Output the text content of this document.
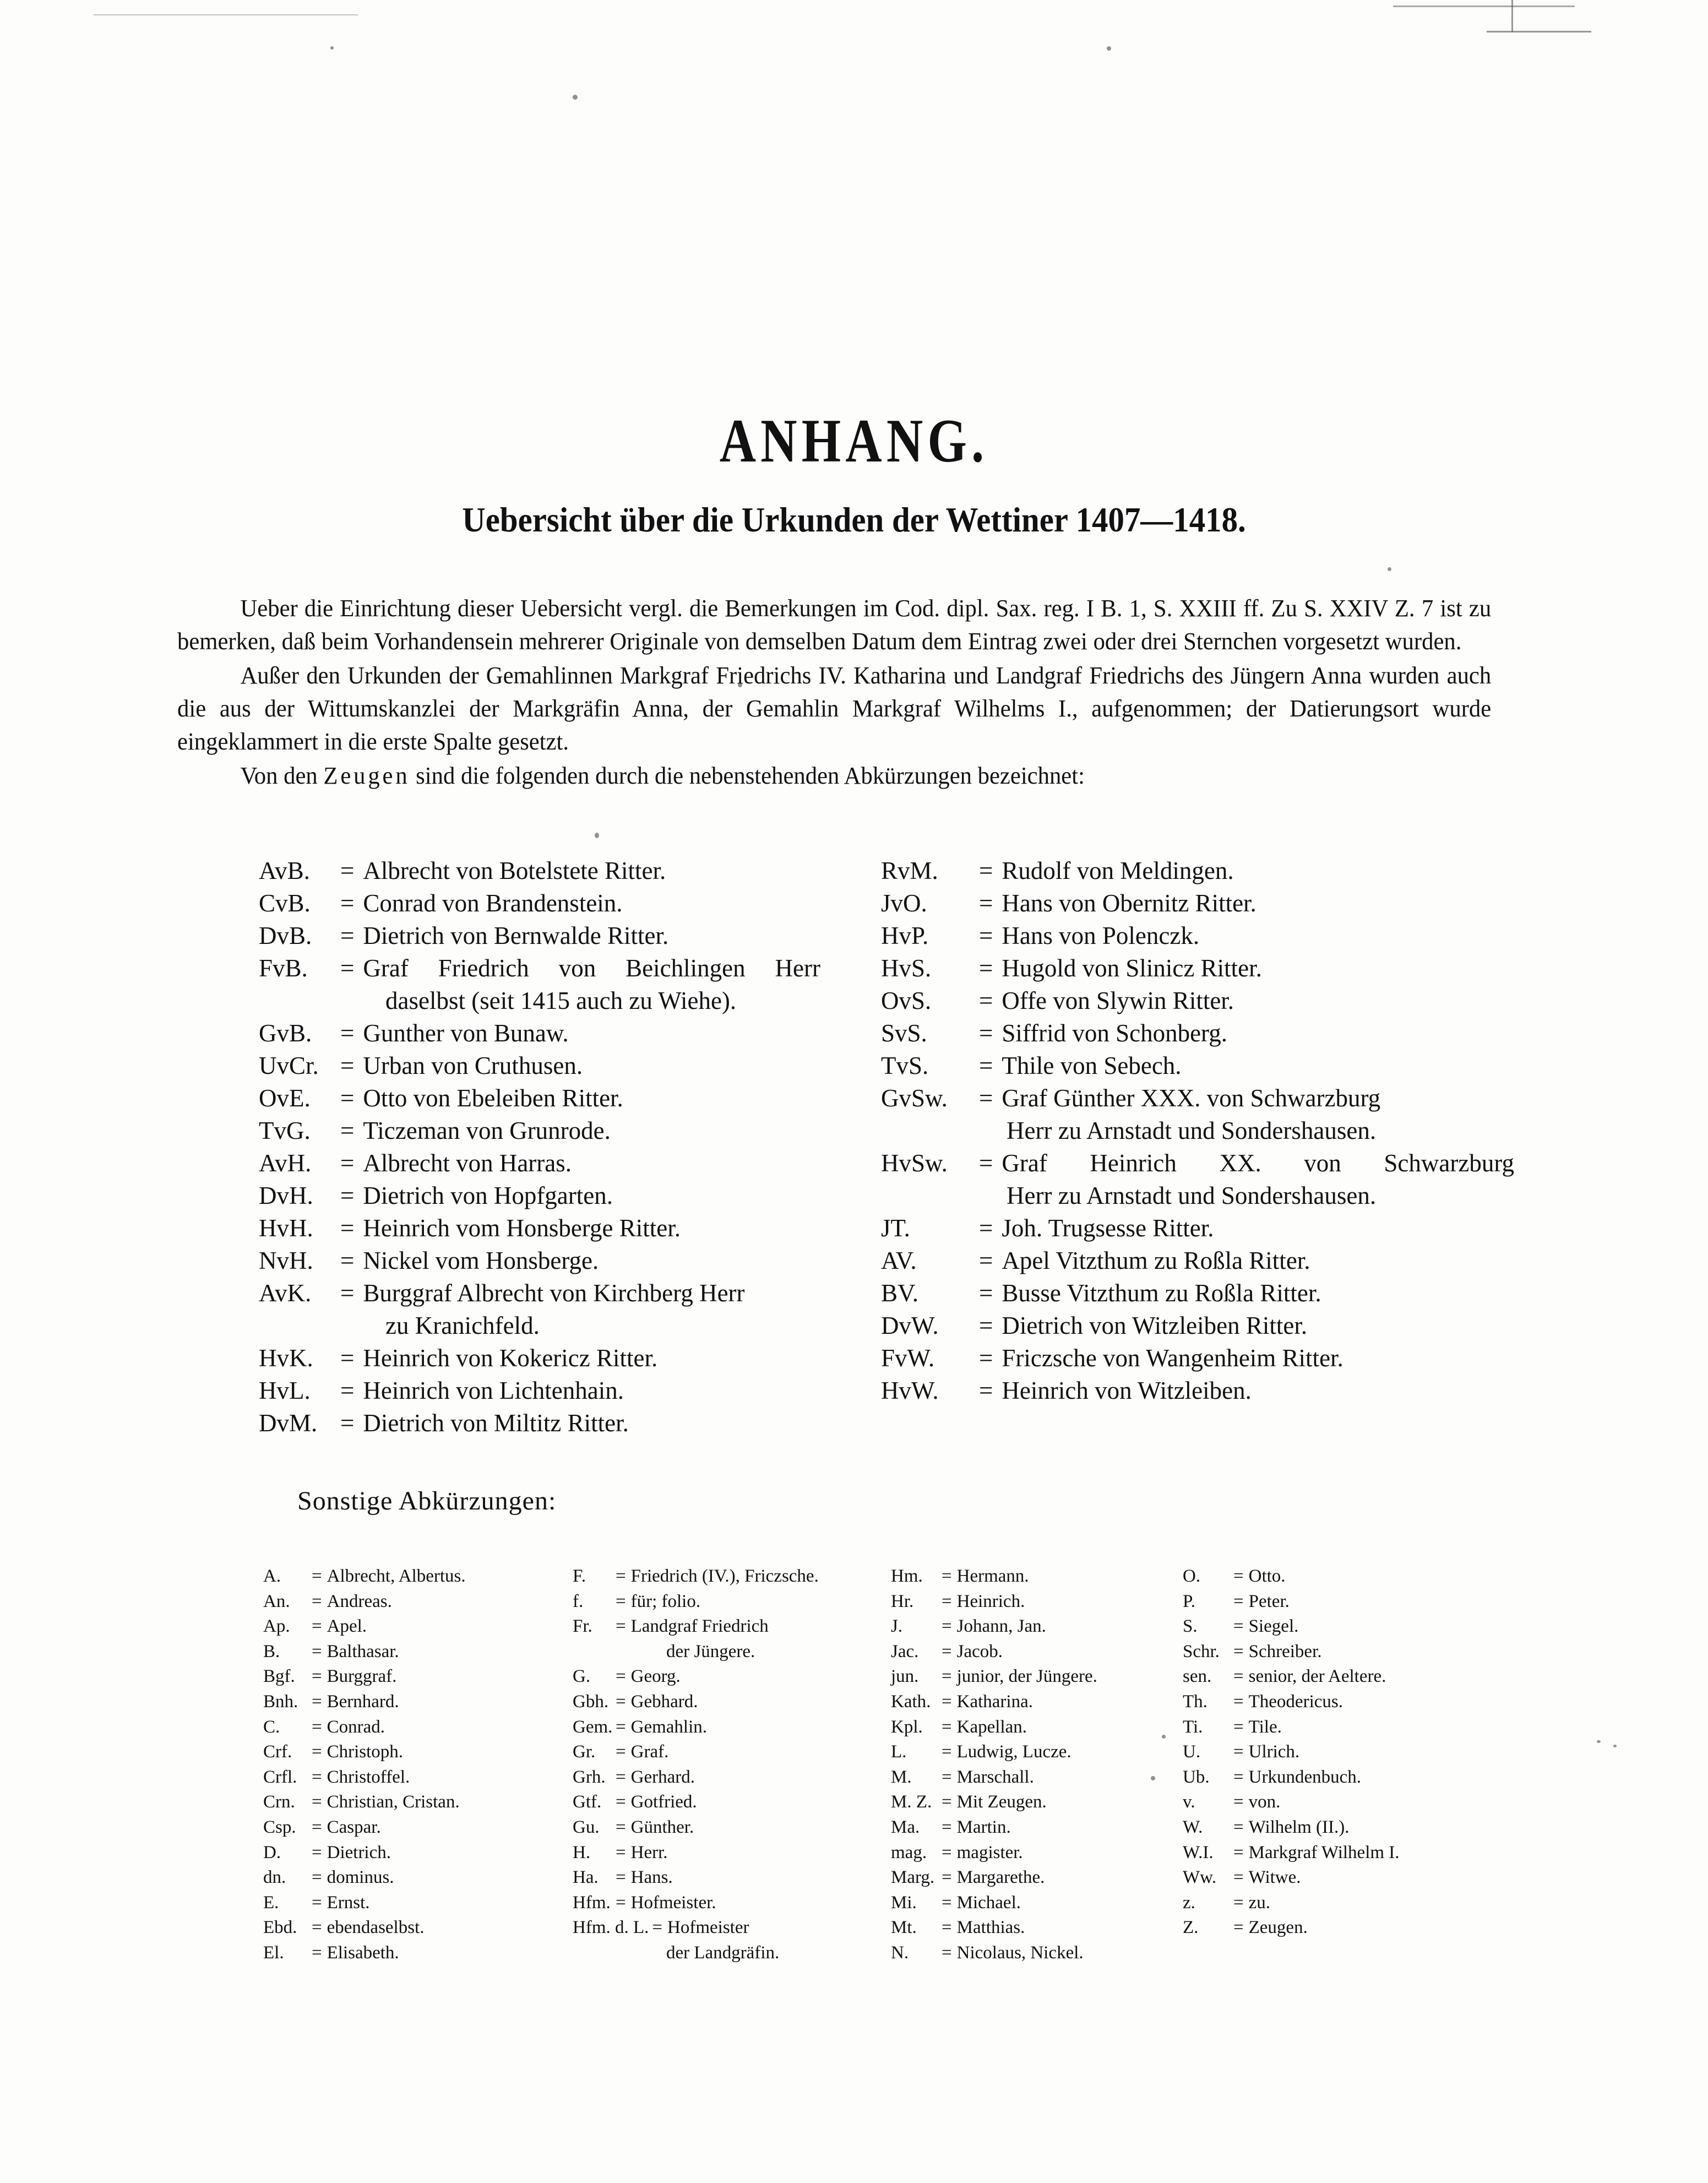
ANHANG.
Uebersicht über die Urkunden der Wettiner 1407—1418.

Ueber die Einrichtung dieser Uebersicht vergl. die Bemerkungen im Cod. dipl. Sax. reg. I B. 1, S. XXIII ff. Zu S. XXIV Z. 7 ist zu bemerken, daß beim Vorhandensein mehrerer Originale von demselben Datum dem Eintrag zwei oder drei Sternchen vorgesetzt wurden.

Außer den Urkunden der Gemahlinnen Markgraf Friedrichs IV. Katharina und Landgraf Friedrichs des Jüngern Anna wurden auch die aus der Wittumskanzlei der Markgräfin Anna, der Gemahlin Markgraf Wilhelms I., aufgenommen; der Datierungsort wurde eingeklammert in die erste Spalte gesetzt.

Von den Zeugen sind die folgenden durch die nebenstehenden Abkürzungen bezeichnet:

AvB.	= Albrecht von Botelstete Ritter.
CvB.	= Conrad von Brandenstein.
DvB.	= Dietrich von Bernwalde Ritter.
FvB.	= Graf Friedrich von Beichlingen Herr
daselbst (seit 1415 auch zu Wiehe).
GvB.	= Gunther von Bunaw.
UvCr. = Urban von Cruthusen.
OvE.	= Otto von Ebeleiben Ritter.
TvG.	= Ticzeman von Grunrode.
AvH.	= Albrecht von Harras.
DvH.	= Dietrich von Hopfgarten.
HvH.	= Heinrich vom Honsberge Ritter.
NvH.	= Nickel vom Honsberge.
AvK.	= Burggraf Albrecht von Kirchberg Herr
zu Kranichfeld.
HvK.	= Heinrich von Kokericz Ritter.
HvL.	= Heinrich von Lichtenhain.
DvM. = Dietrich von Miltitz Ritter.
RvM.	= Rudolf von Meldingen.
JvO.	= Hans von Obernitz Ritter.
HvP.	= Hans von Polenczk.
HvS.	= Hugold von Slinicz Ritter.
OvS.	= Offe von Slywin Ritter.
SvS.	= Siffrid von Schonberg.
TvS.	= Thile von Sebech.
GvSw.	= Graf Günther XXX. von Schwarzburg
Herr zu Arnstadt und Sondershausen.
HvSw.	= Graf Heinrich XX. von Schwarzburg
Herr zu Arnstadt und Sondershausen.
JT.	= Joh. Trugsesse Ritter.
AV.	= Apel Vitzthum zu Roßla Ritter.
BV.	= Busse Vitzthum zu Roßla Ritter.
DvW.	= Dietrich von Witzleiben Ritter.
FvW.	= Friczsche von Wangenheim Ritter.
HvW.	= Heinrich von Witzleiben.
Sonstige Abkürzungen:
A.	= Albrecht, Albertus.
An.	= Andreas.
Ap.	= Apel.
B.	= Balthasar.
Bgf. = Burggraf.
Bnh. = Bernhard.
C.	= Conrad.
Crf.	= Christoph.
Crfl. = Christoffel.
Crn. = Christian, Cristan.
Csp. = Caspar.
D.	= Dietrich.
dn.	= dominus.
E.	= Ernst.
Ebd. = ebendaselbst.
El.	= Elisabeth.
F.	= Friedrich (IV.), Friczsche.
f.	= für; folio.
Fr.	= Landgraf Friedrich
der Jüngere.
G.	= Georg.
Gbh. = Gebhard.
Gem. = Gemahlin.
Gr.	= Graf.
Grh. = Gerhard.
Gtf. = Gotfried.
Gu. = Günther.
H.	= Herr.
Ha. = Hans.
Hfm. = Hofmeister.
Hfm. d. L. = Hofmeister
der Landgräfin.
Hm.	= Hermann.
Hr.	= Heinrich.
J.	= Johann, Jan.
Jac.	= Jacob.
jun.	= junior, der Jüngere.
Kath. = Katharina.
Kpl.	= Kapellan.
L.	= Ludwig, Lucze.
M.	= Marschall.
M. Z. = Mit Zeugen.
Ma.	= Martin.
mag. = magister.
Marg. = Margarethe.
Mi.	= Michael.
Mt.	= Matthias.
N.	= Nicolaus, Nickel.
O.	= Otto.
P.	= Peter.
S.	= Siegel.
Schr. = Schreiber.
sen.	= senior, der Aeltere.
Th.	= Theodericus.
Ti.	= Tile.
U.	= Ulrich.
Ub.	= Urkundenbuch.
v.	= von.
W.	= Wilhelm (II.).
W.I.	= Markgraf Wilhelm I.
Ww. = Witwe.
z.	= zu.
Z.	= Zeugen.
